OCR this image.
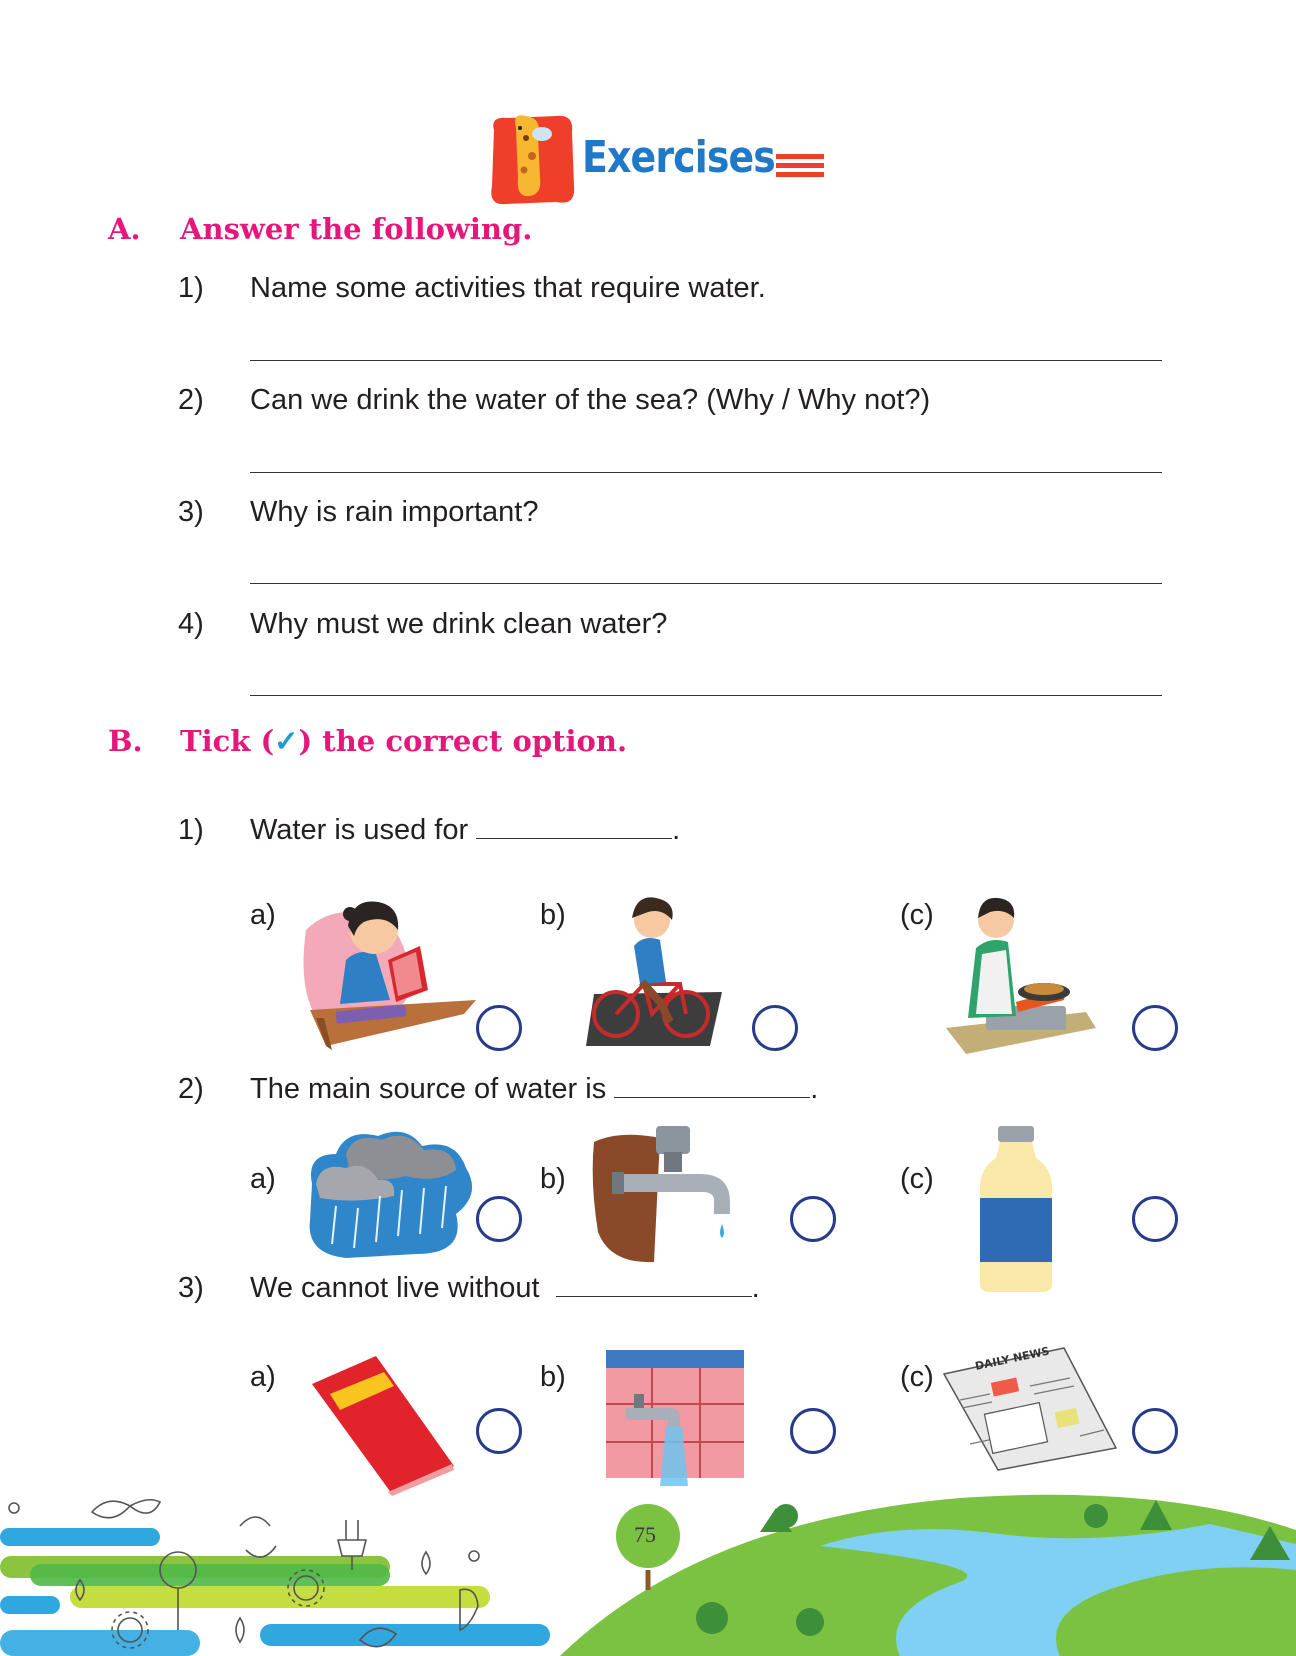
Exercises
A. Answer the following.
1) Name some activities that require water.
2) Can we drink the water of the sea? (Why / Why not?)
3) Why is rain important?
4) Why must we drink clean water?
B. Tick (✓) the correct option.
1) Water is used for	.
a)	b)	(c)
2) The main source of water is	.
a)	b)	(c)
3) We cannot live without	.
a)	b)	(c)
DAILY NEWS
75
